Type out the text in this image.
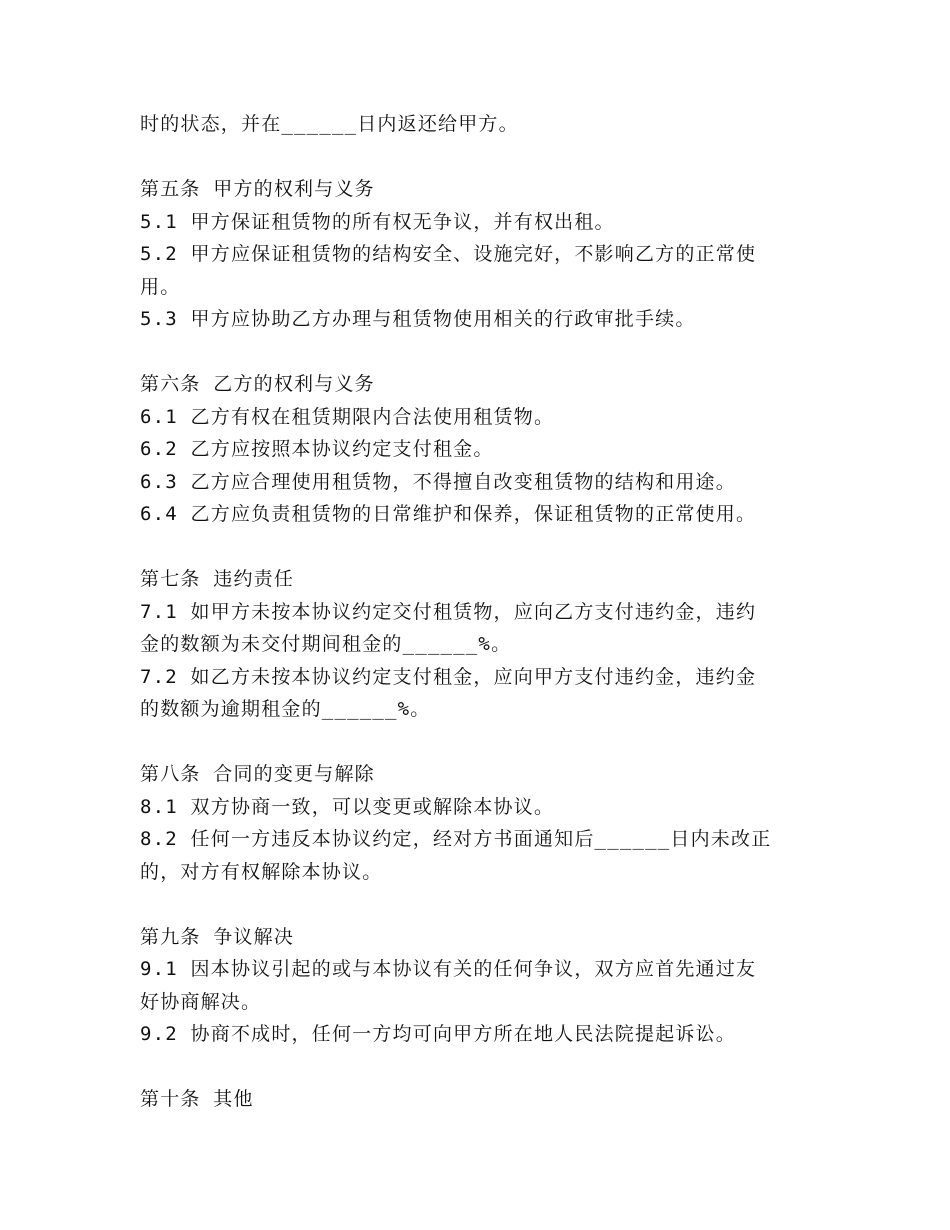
时的状态，并在______日内返还给甲方。
第五条 甲方的权利与义务
5.1 甲方保证租赁物的所有权无争议，并有权出租。
5.2 甲方应保证租赁物的结构安全、设施完好，不影响乙方的正常使
用。
5.3 甲方应协助乙方办理与租赁物使用相关的行政审批手续。
第六条 乙方的权利与义务
6.1 乙方有权在租赁期限内合法使用租赁物。
6.2 乙方应按照本协议约定支付租金。
6.3 乙方应合理使用租赁物，不得擅自改变租赁物的结构和用途。
6.4 乙方应负责租赁物的日常维护和保养，保证租赁物的正常使用。
第七条 违约责任
7.1 如甲方未按本协议约定交付租赁物，应向乙方支付违约金，违约
金的数额为未交付期间租金的______%。
7.2 如乙方未按本协议约定支付租金，应向甲方支付违约金，违约金
的数额为逾期租金的______%。
第八条 合同的变更与解除
8.1 双方协商一致，可以变更或解除本协议。
8.2 任何一方违反本协议约定，经对方书面通知后______日内未改正
的，对方有权解除本协议。
第九条 争议解决
9.1 因本协议引起的或与本协议有关的任何争议，双方应首先通过友
好协商解决。
9.2 协商不成时，任何一方均可向甲方所在地人民法院提起诉讼。
第十条 其他
